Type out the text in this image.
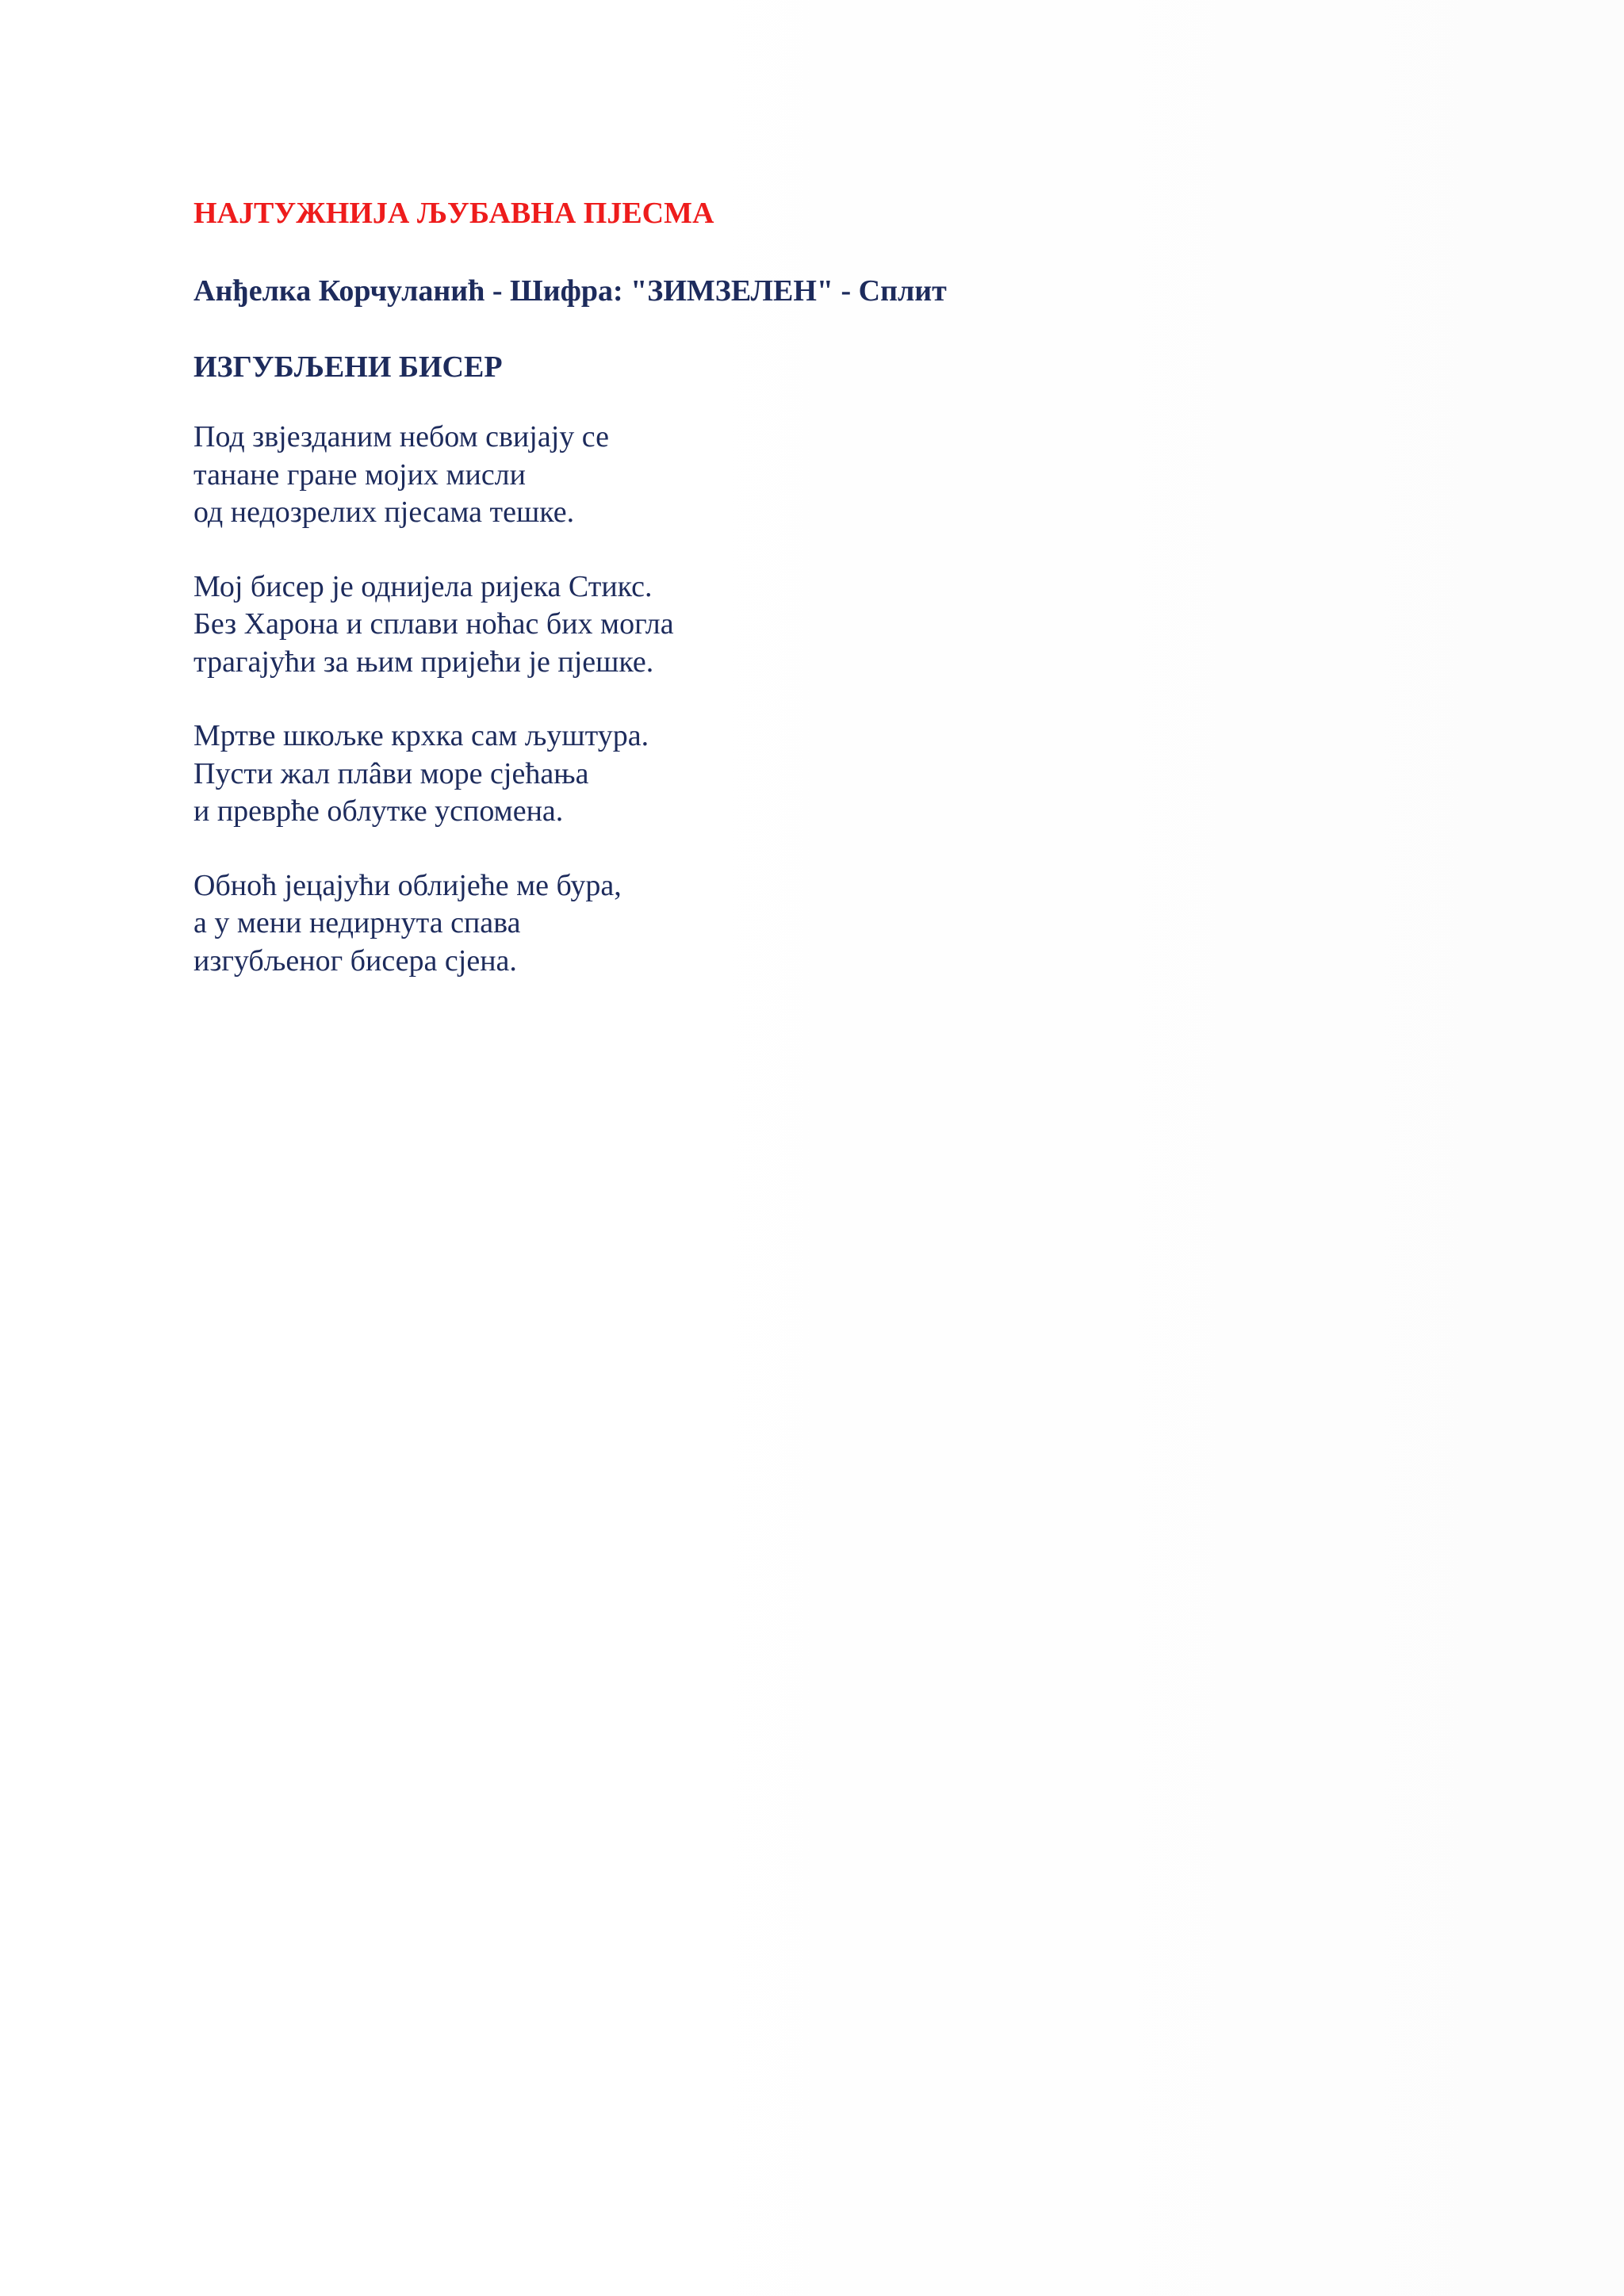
НАЈТУЖНИЈА ЉУБАВНА ПЈЕСМА
Анђелка Корчуланић - Шифра: "ЗИМЗЕЛЕН" - Сплит
ИЗГУБЉЕНИ БИСЕР
Под звјезданим небом свијају се
танане гране мојих мисли
од недозрелих пјесама тешке.
Мој бисер је однијела ријека Стикс.
Без Харона и сплави ноћас бих могла
трагајући за њим пријећи је пјешке.
Мртве шкољке крхка сам љуштура.
Пусти жал плâви море сјећања
и преврће облутке успомена.
Обноћ јецајући облијеће ме бура,
а у мени недирнута спава
изгубљеног бисера сјена.
